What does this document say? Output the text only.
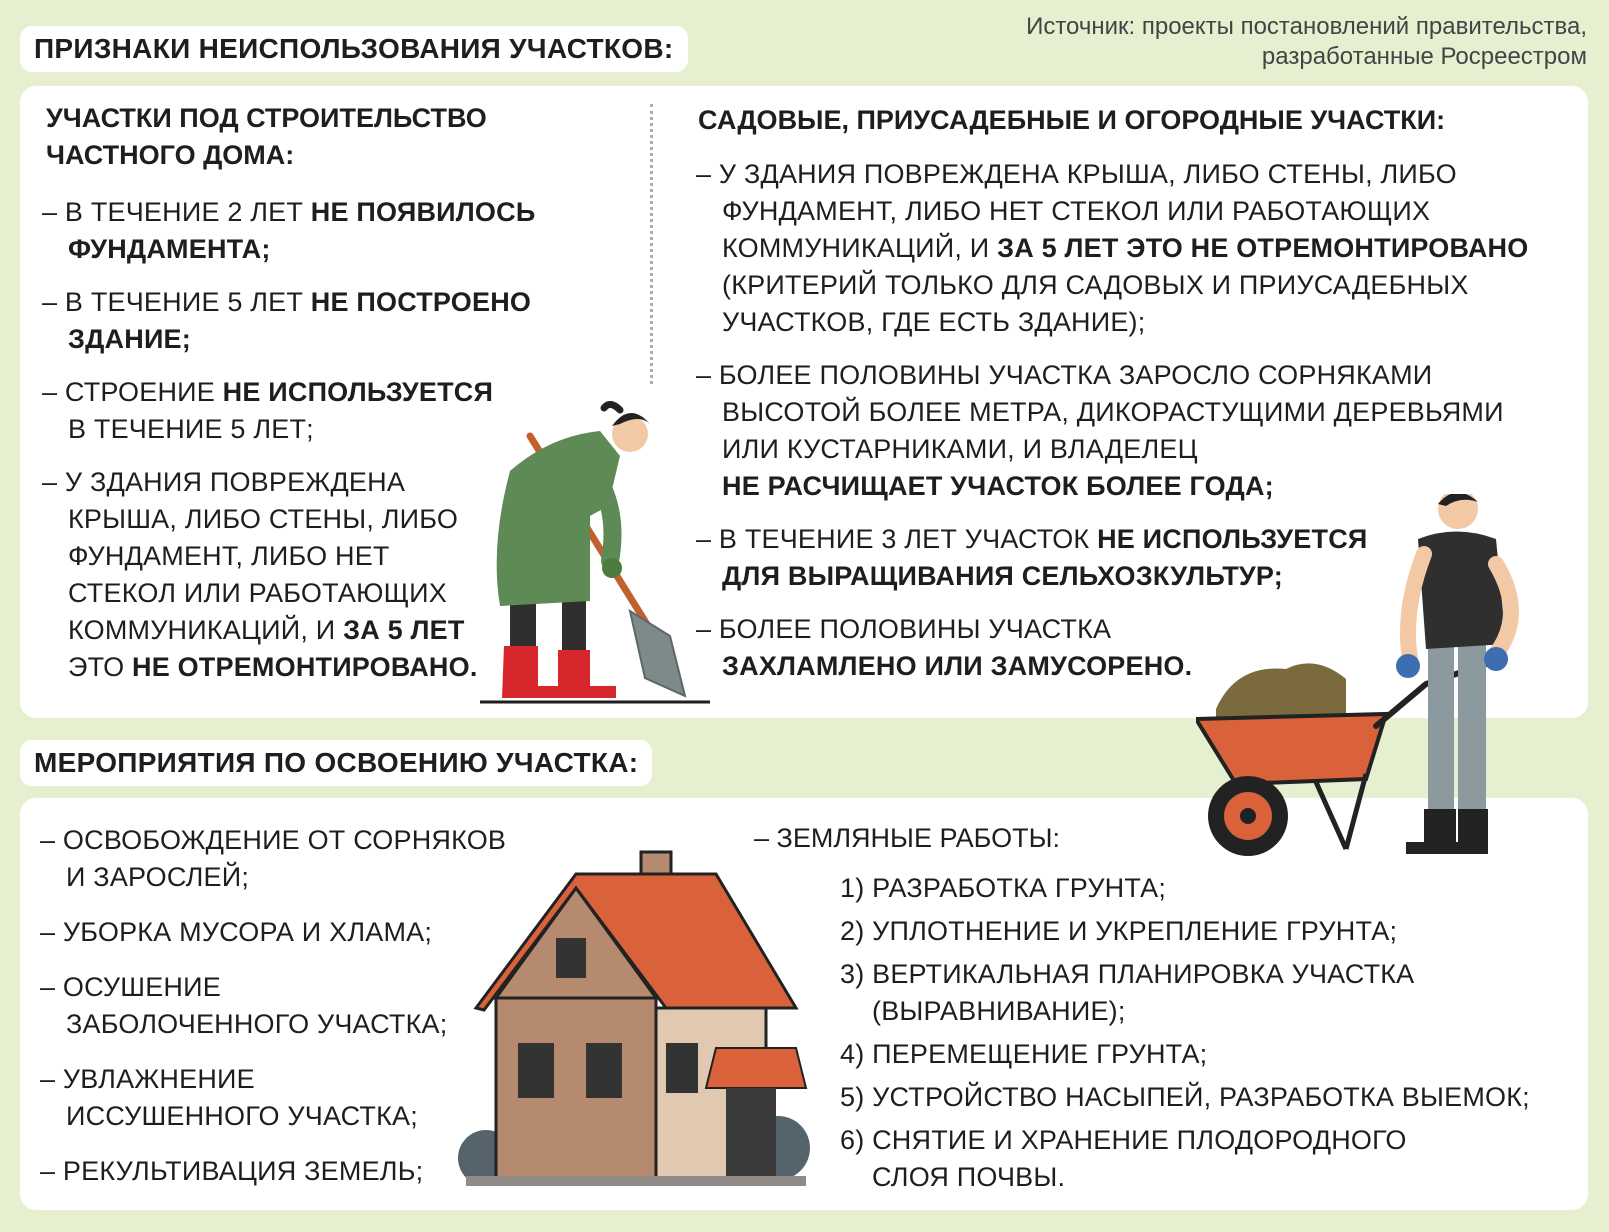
ПРИЗНАКИ НЕИСПОЛЬЗОВАНИЯ УЧАСТКОВ:
Источник: проекты постановлений правительства,
разработанные Росреестром
УЧАСТКИ ПОД СТРОИТЕЛЬСТВО
ЧАСТНОГО ДОМА:
– В ТЕЧЕНИЕ 2 ЛЕТ НЕ ПОЯВИЛОСЬ
ФУНДАМЕНТА;
– В ТЕЧЕНИЕ 5 ЛЕТ НЕ ПОСТРОЕНО
ЗДАНИЕ;
– СТРОЕНИЕ НЕ ИСПОЛЬЗУЕТСЯ
В ТЕЧЕНИЕ 5 ЛЕТ;
– У ЗДАНИЯ ПОВРЕЖДЕНА
КРЫША, ЛИБО СТЕНЫ, ЛИБО
ФУНДАМЕНТ, ЛИБО НЕТ
СТЕКОЛ ИЛИ РАБОТАЮЩИХ
КОММУНИКАЦИЙ, И ЗА 5 ЛЕТ
ЭТО НЕ ОТРЕМОНТИРОВАНО.
САДОВЫЕ, ПРИУСАДЕБНЫЕ И ОГОРОДНЫЕ УЧАСТКИ:
– У ЗДАНИЯ ПОВРЕЖДЕНА КРЫША, ЛИБО СТЕНЫ, ЛИБО
ФУНДАМЕНТ, ЛИБО НЕТ СТЕКОЛ ИЛИ РАБОТАЮЩИХ
КОММУНИКАЦИЙ, И ЗА 5 ЛЕТ ЭТО НЕ ОТРЕМОНТИРОВАНО
(КРИТЕРИЙ ТОЛЬКО ДЛЯ САДОВЫХ И ПРИУСАДЕБНЫХ
УЧАСТКОВ, ГДЕ ЕСТЬ ЗДАНИЕ);
– БОЛЕЕ ПОЛОВИНЫ УЧАСТКА ЗАРОСЛО СОРНЯКАМИ
ВЫСОТОЙ БОЛЕЕ МЕТРА, ДИКОРАСТУЩИМИ ДЕРЕВЬЯМИ
ИЛИ КУСТАРНИКАМИ, И ВЛАДЕЛЕЦ
НЕ РАСЧИЩАЕТ УЧАСТОК БОЛЕЕ ГОДА;
– В ТЕЧЕНИЕ 3 ЛЕТ УЧАСТОК НЕ ИСПОЛЬЗУЕТСЯ
ДЛЯ ВЫРАЩИВАНИЯ СЕЛЬХОЗКУЛЬТУР;
– БОЛЕЕ ПОЛОВИНЫ УЧАСТКА
ЗАХЛАМЛЕНО ИЛИ ЗАМУСОРЕНО.
МЕРОПРИЯТИЯ ПО ОСВОЕНИЮ УЧАСТКА:
– ОСВОБОЖДЕНИЕ ОТ СОРНЯКОВ
И ЗАРОСЛЕЙ;
– УБОРКА МУСОРА И ХЛАМА;
– ОСУШЕНИЕ
ЗАБОЛОЧЕННОГО УЧАСТКА;
– УВЛАЖНЕНИЕ
ИССУШЕННОГО УЧАСТКА;
– РЕКУЛЬТИВАЦИЯ ЗЕМЕЛЬ;
– ЗЕМЛЯНЫЕ РАБОТЫ:
1) РАЗРАБОТКА ГРУНТА;
2) УПЛОТНЕНИЕ И УКРЕПЛЕНИЕ ГРУНТА;
3) ВЕРТИКАЛЬНАЯ ПЛАНИРОВКА УЧАСТКА
(ВЫРАВНИВАНИЕ);
4) ПЕРЕМЕЩЕНИЕ ГРУНТА;
5) УСТРОЙСТВО НАСЫПЕЙ, РАЗРАБОТКА ВЫЕМОК;
6) СНЯТИЕ И ХРАНЕНИЕ ПЛОДОРОДНОГО
СЛОЯ ПОЧВЫ.
